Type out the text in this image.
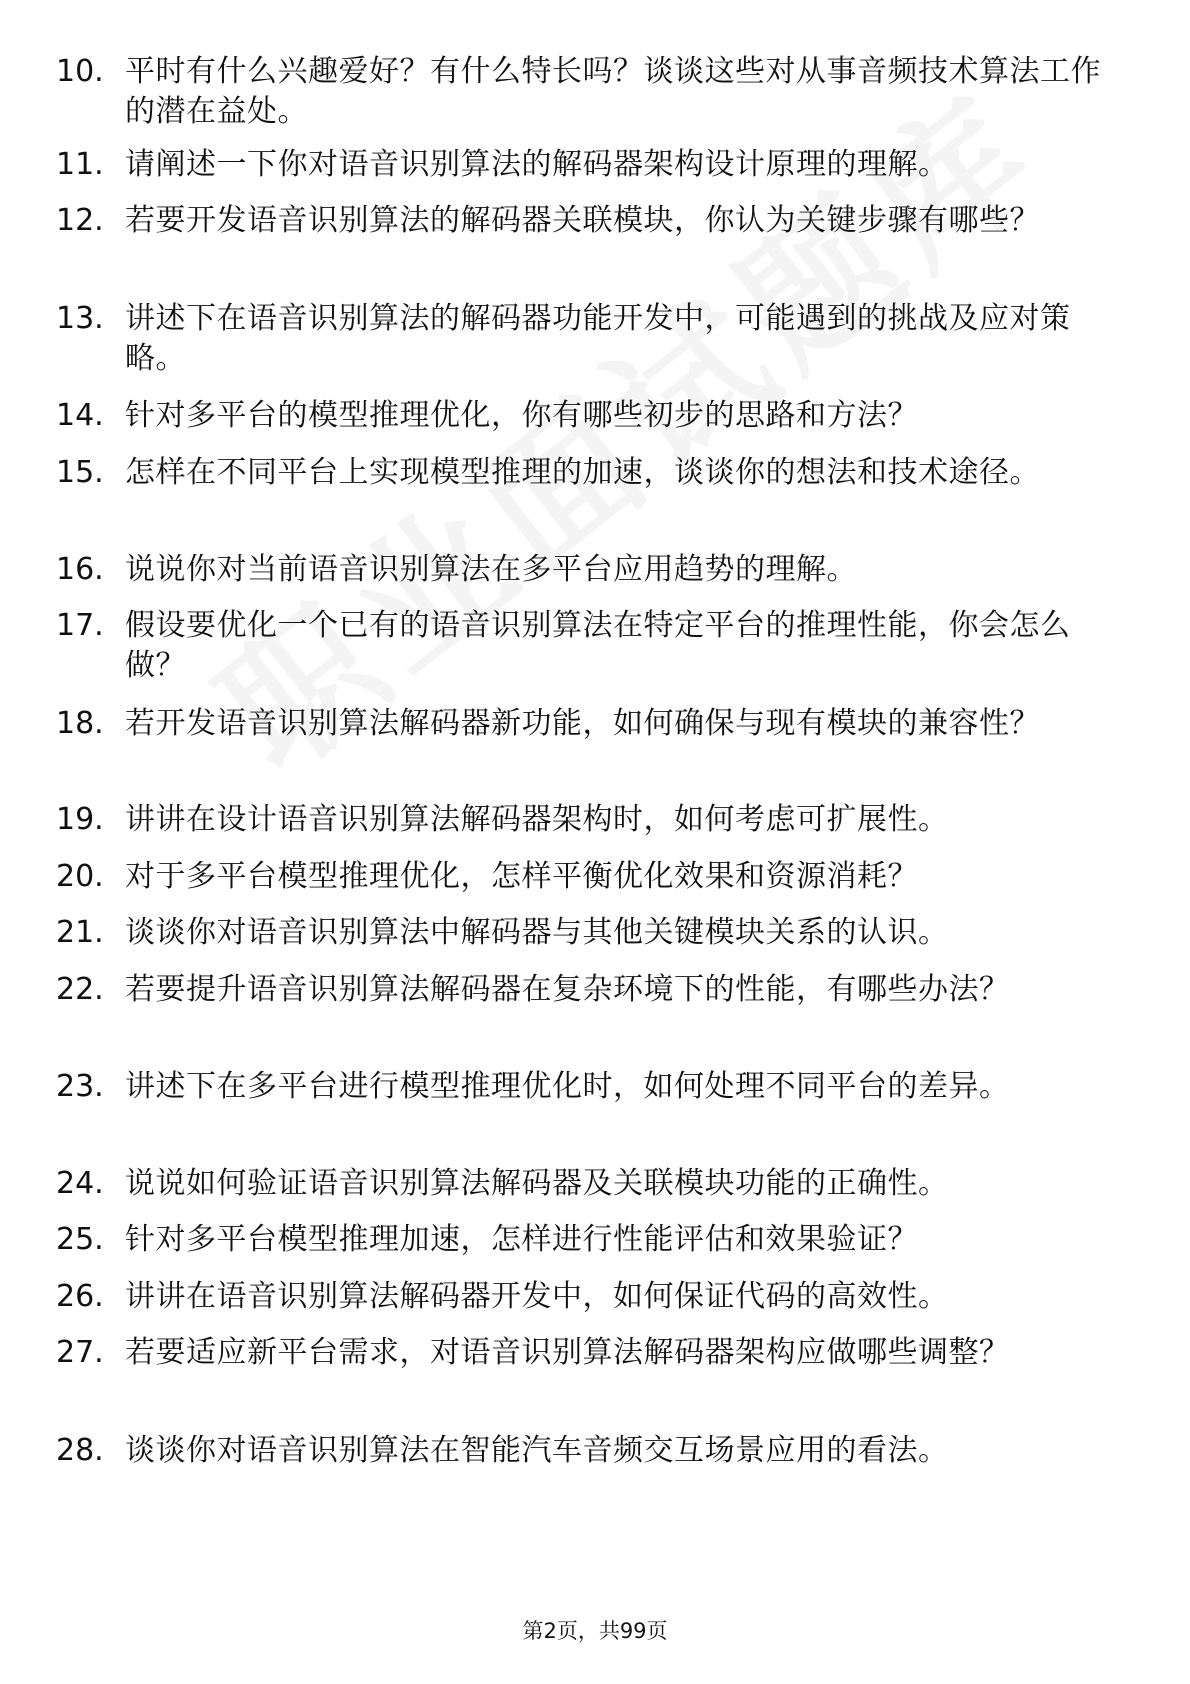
10. 平时有什么兴趣爱好？有什么特长吗？谈谈这些对从事音频技术算法工作的潜在益处。
11. 请阐述一下你对语音识别算法的解码器架构设计原理的理解。
12. 若要开发语音识别算法的解码器关联模块，你认为关键步骤有哪些？
13. 讲述下在语音识别算法的解码器功能开发中，可能遇到的挑战及应对策略。
14. 针对多平台的模型推理优化，你有哪些初步的思路和方法？
15. 怎样在不同平台上实现模型推理的加速，谈谈你的想法和技术途径。
16. 说说你对当前语音识别算法在多平台应用趋势的理解。
17. 假设要优化一个已有的语音识别算法在特定平台的推理性能，你会怎么做？
18. 若开发语音识别算法解码器新功能，如何确保与现有模块的兼容性？
19. 讲讲在设计语音识别算法解码器架构时，如何考虑可扩展性。
20. 对于多平台模型推理优化，怎样平衡优化效果和资源消耗？
21. 谈谈你对语音识别算法中解码器与其他关键模块关系的认识。
22. 若要提升语音识别算法解码器在复杂环境下的性能，有哪些办法？
23. 讲述下在多平台进行模型推理优化时，如何处理不同平台的差异。
24. 说说如何验证语音识别算法解码器及关联模块功能的正确性。
25. 针对多平台模型推理加速，怎样进行性能评估和效果验证？
26. 讲讲在语音识别算法解码器开发中，如何保证代码的高效性。
27. 若要适应新平台需求，对语音识别算法解码器架构应做哪些调整？
28. 谈谈你对语音识别算法在智能汽车音频交互场景应用的看法。
第2页，共99页
